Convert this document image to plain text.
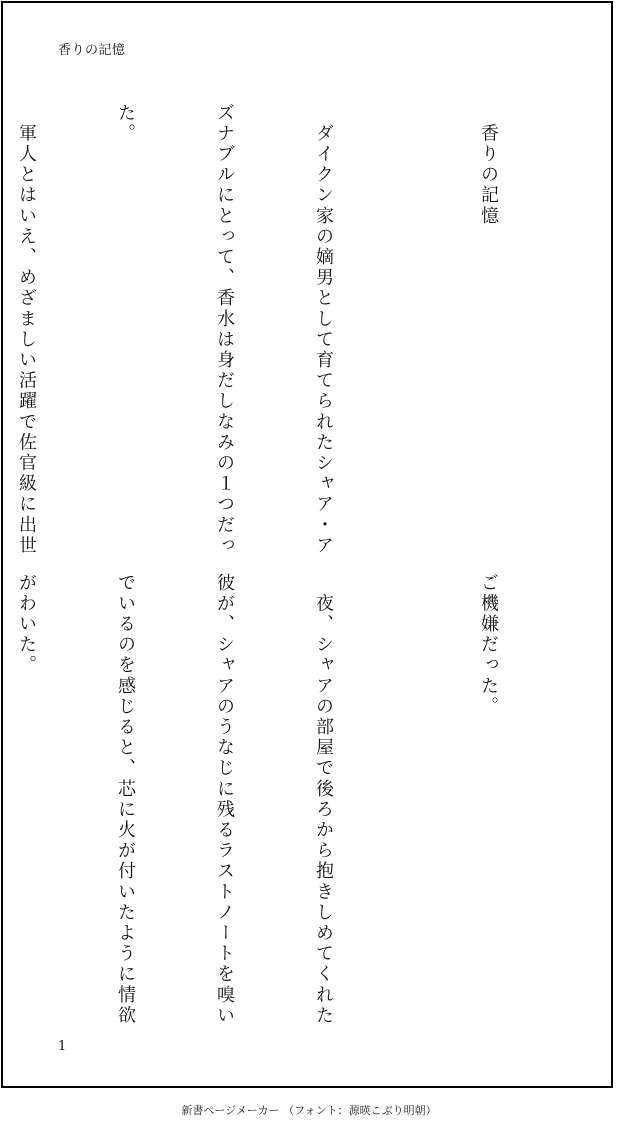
香りの記憶

　香りの記憶

　ダイクン家の嫡男として育てられたシャア・ア

ズナブルにとって、香水は身だしなみの１つだっ

た。

　軍人とはいえ、めざましい活躍で佐官級に出世

ご機嫌だった。

　夜、シャアの部屋で後ろから抱きしめてくれた

彼が、シャアのうなじに残るラストノートを嗅い

でいるのを感じると、芯に火が付いたように情欲

がわいた。

1
新書ページメーカー （フォント：源暎こぶり明朝）
